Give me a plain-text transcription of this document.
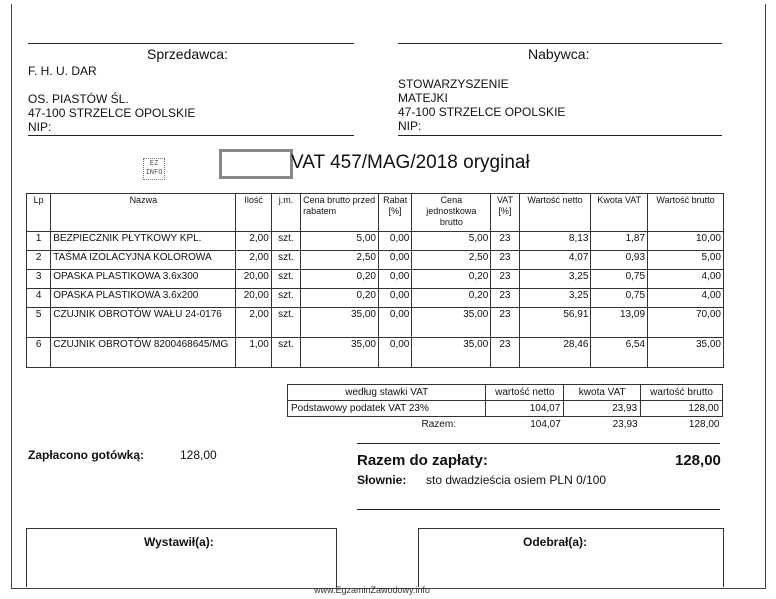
Sprzedawca:
F. H. U. DAR
OS. PIASTÓW ŚL.
47-100 STRZELCE OPOLSKIE
NIP:
Nabywca:
STOWARZYSZENIE
MATEJKI
47-100 STRZELCE OPOLSKIE
NIP:
EZ INFO	VAT 457/MAG/2018 oryginał
Lp	Nazwa	Ilość	j.m.	Cena brutto przed rabatem	Rabat [%]	Cena jednostkowa brutto	VAT [%]	Wartość netto	Kwota VAT	Wartość brutto
1	BEZPIECZNIK PŁYTKOWY KPL.	2,00	szt.	5,00	0,00	5,00	23	8,13	1,87	10,00
2	TAŚMA IZOLACYJNA KOLOROWA	2,00	szt.	2,50	0,00	2,50	23	4,07	0,93	5,00
3	OPASKA PLASTIKOWA 3.6x300	20,00	szt.	0,20	0,00	0,20	23	3,25	0,75	4,00
4	OPASKA PLASTIKOWA 3.6x200	20,00	szt.	0,20	0,00	0,20	23	3,25	0,75	4,00
5	CZUJNIK OBROTÓW WAŁU 24-0176	2,00	szt.	35,00	0,00	35,00	23	56,91	13,09	70,00
6	CZUJNIK OBROTÓW 8200468645/MG	1,00	szt.	35,00	0,00	35,00	23	28,46	6,54	35,00
według stawki VAT	wartość netto	kwota VAT	wartość brutto
Podstawowy podatek VAT 23%	104,07	23,93	128,00
Razem:	104,07	23,93	128,00
Zapłacono gotówką:	128,00	Razem do zapłaty:	128,00
Słownie: sto dwadzieścia osiem PLN 0/100
Wystawił(a):	Odebrał(a):
www.EgzaminZawodowy.info
